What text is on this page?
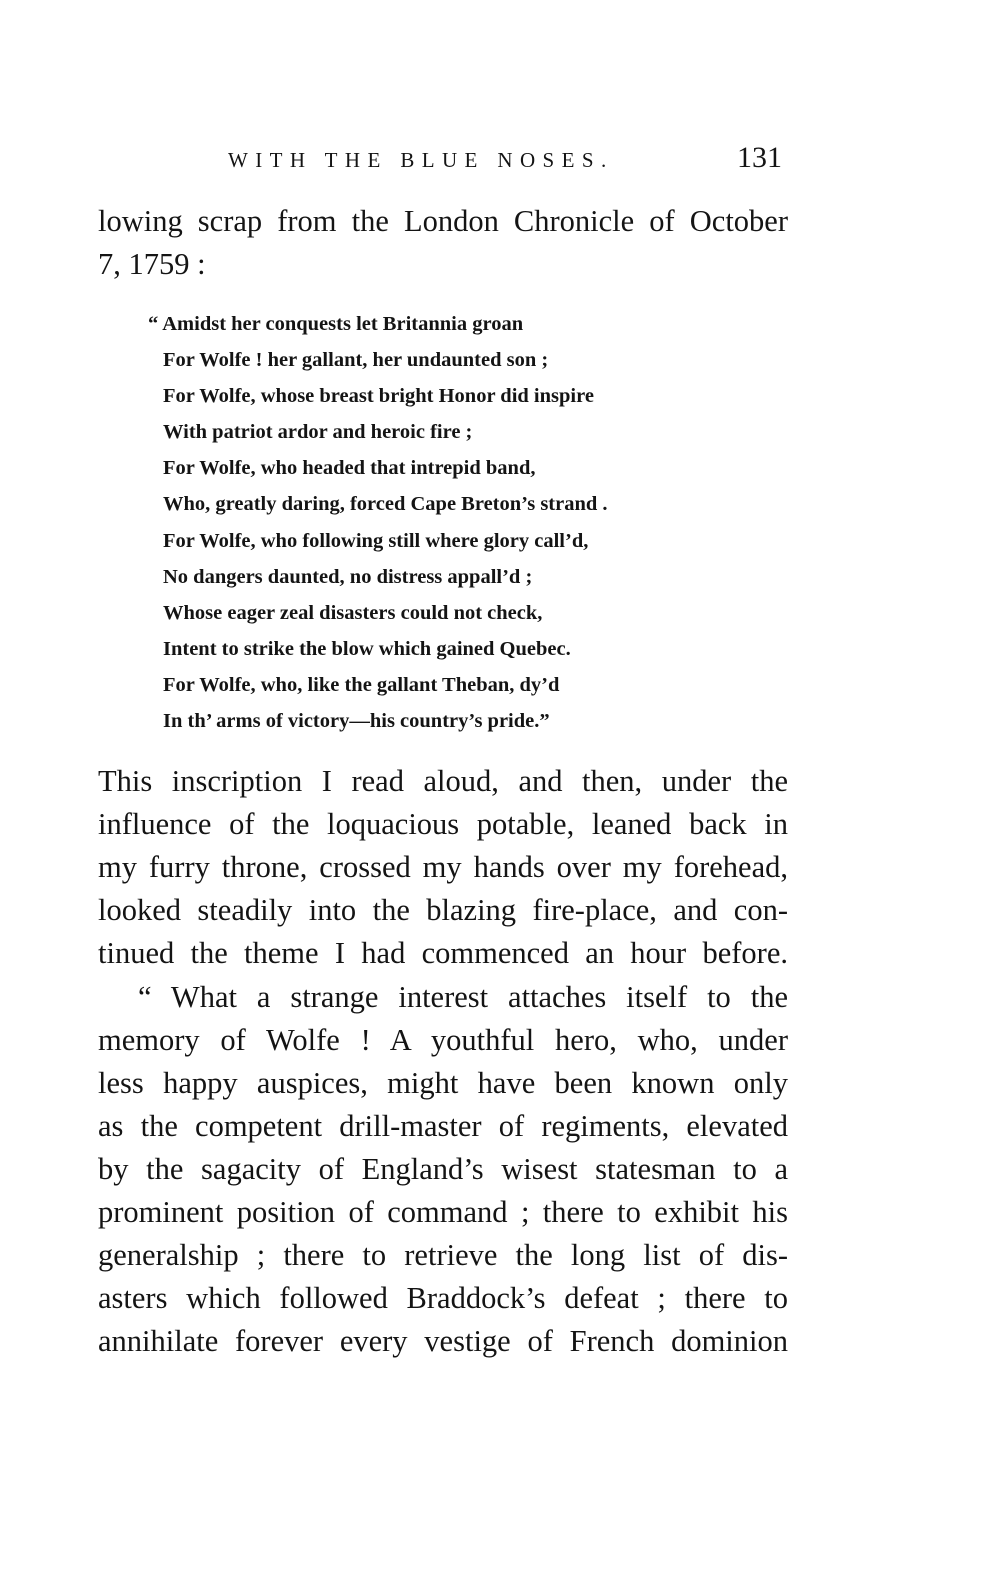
WITH THE BLUE NOSES.	131
lowing scrap from the London Chronicle of October
7, 1759 :
“ Amidst her conquests let Britannia groan
For Wolfe ! her gallant, her undaunted son ;
For Wolfe, whose breast bright Honor did inspire
With patriot ardor and heroic fire ;
For Wolfe, who headed that intrepid band,
Who, greatly daring, forced Cape Breton’s strand .
For Wolfe, who following still where glory call’d,
No dangers daunted, no distress appall’d ;
Whose eager zeal disasters could not check,
Intent to strike the blow which gained Quebec.
For Wolfe, who, like the gallant Theban, dy’d
In th’ arms of victory—his country’s pride.”
This inscription I read aloud, and then, under the
influence of the loquacious potable, leaned back in
my furry throne, crossed my hands over my forehead,
looked steadily into the blazing fire-place, and con-
tinued the theme I had commenced an hour before.
“ What a strange interest attaches itself to the
memory of Wolfe ! A youthful hero, who, under
less happy auspices, might have been known only
as the competent drill-master of regiments, elevated
by the sagacity of England’s wisest statesman to a
prominent position of command ; there to exhibit his
generalship ; there to retrieve the long list of dis-
asters which followed Braddock’s defeat ; there to
annihilate forever every vestige of French dominion
